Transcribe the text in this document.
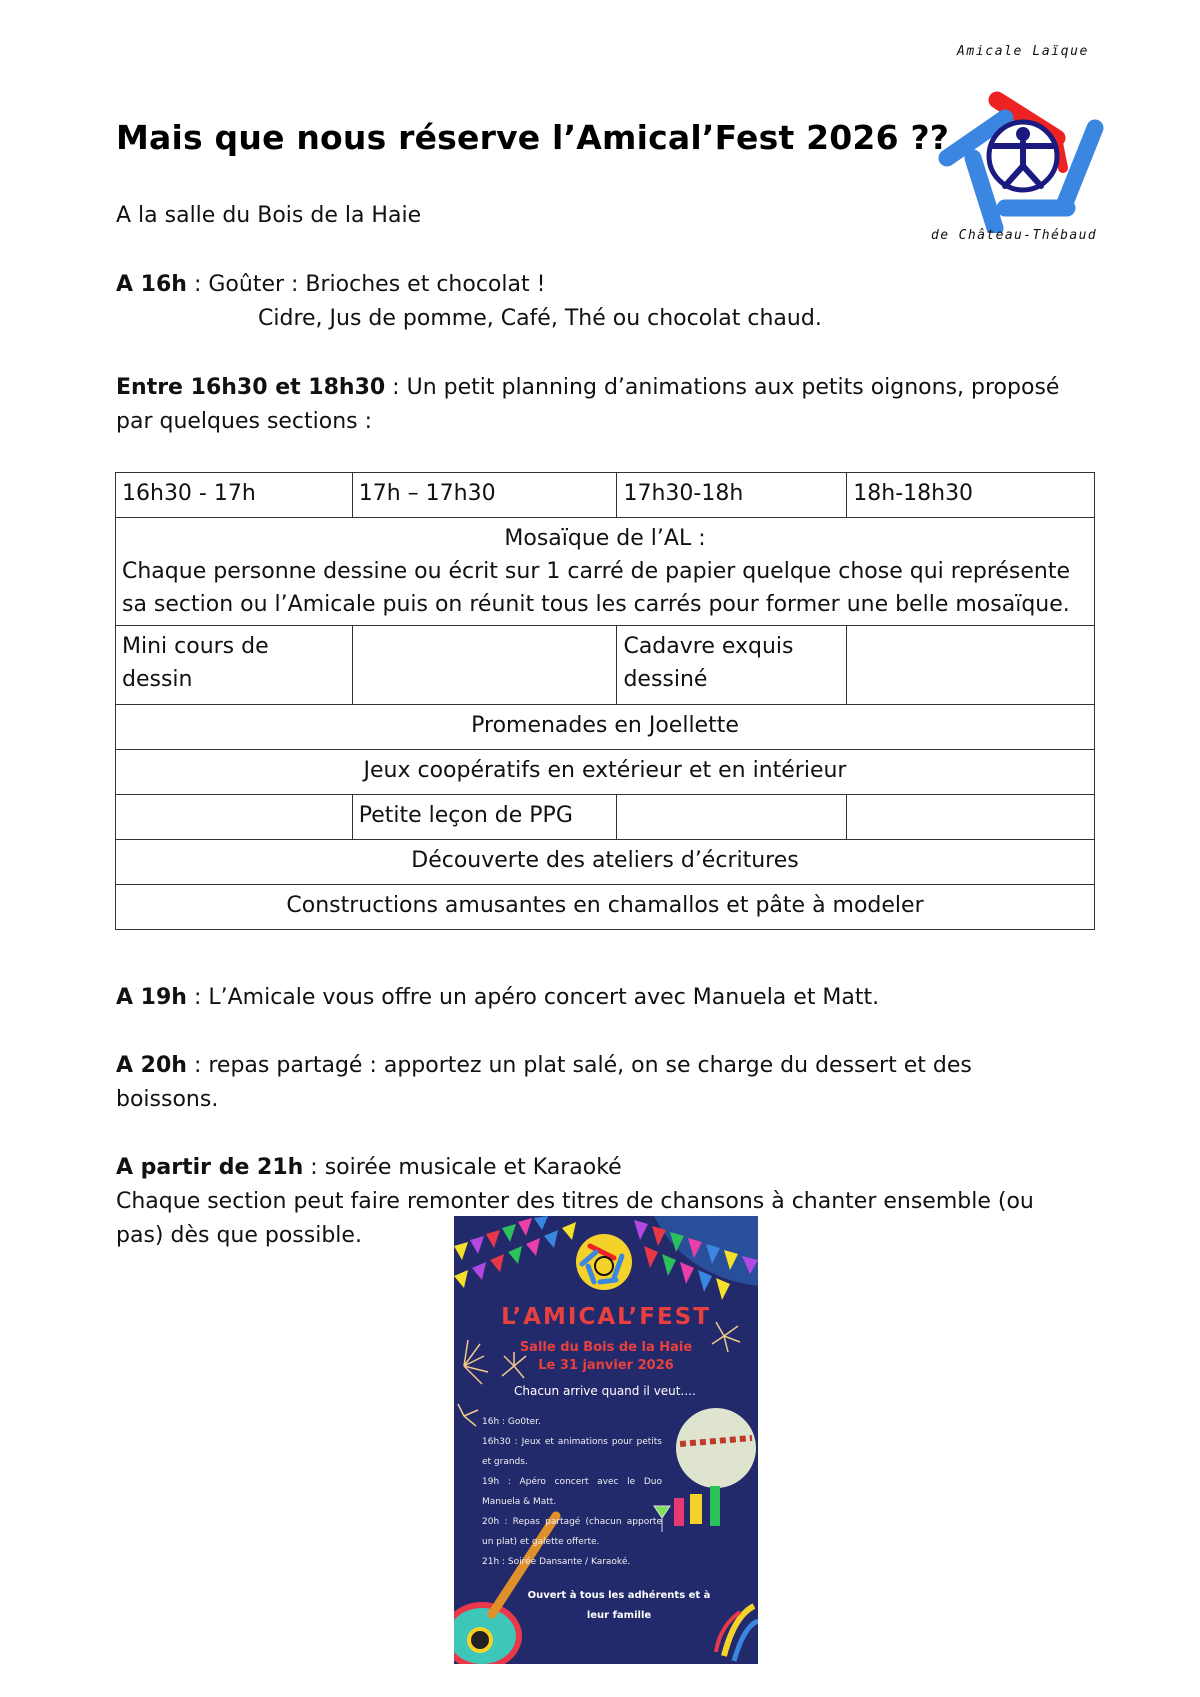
Amicale Laïque
de Château-Thébaud
Mais que nous réserve l’Amical’Fest 2026 ??
A la salle du Bois de la Haie
A 16h : Goûter : Brioches et chocolat !
Cidre, Jus de pomme, Café, Thé ou chocolat chaud.
Entre 16h30 et 18h30 : Un petit planning d’animations aux petits oignons, proposé par quelques sections :
16h30 - 17h	17h – 17h30	17h30-18h	18h-18h30

Mosaïque de l’AL :
Chaque personne dessine ou écrit sur 1 carré de papier quelque chose qui représente sa section ou l’Amicale puis on réunit tous les carrés pour former une belle mosaïque.			

Mini cours de dessin		Cadavre exquis dessiné	
Promenades en Joellette			
Jeux coopératifs en extérieur et en intérieur			
	Petite leçon de PPG		
Découverte des ateliers d’écritures			
Constructions amusantes en chamallos et pâte à modeler			
A 19h : L’Amicale vous offre un apéro concert avec Manuela et Matt.
A 20h : repas partagé : apportez un plat salé, on se charge du dessert et des boissons.
A partir de 21h : soirée musicale et Karaoké
Chaque section peut faire remonter des titres de chansons à chanter ensemble (ou pas) dès que possible.
L’AMICAL’FEST
Salle du Bois de la Haie
Le 31 janvier 2026
Chacun arrive quand il veut....
16h : Go0ter.
16h30 : Jeux et animations pour petits et grands.
19h : Apéro concert avec le Duo Manuela & Matt.
20h : Repas partagé (chacun apporte un plat) et galette offerte.
21h : Soirée Dansante / Karaoké.
Ouvert à tous les adhérents et à leur famille
